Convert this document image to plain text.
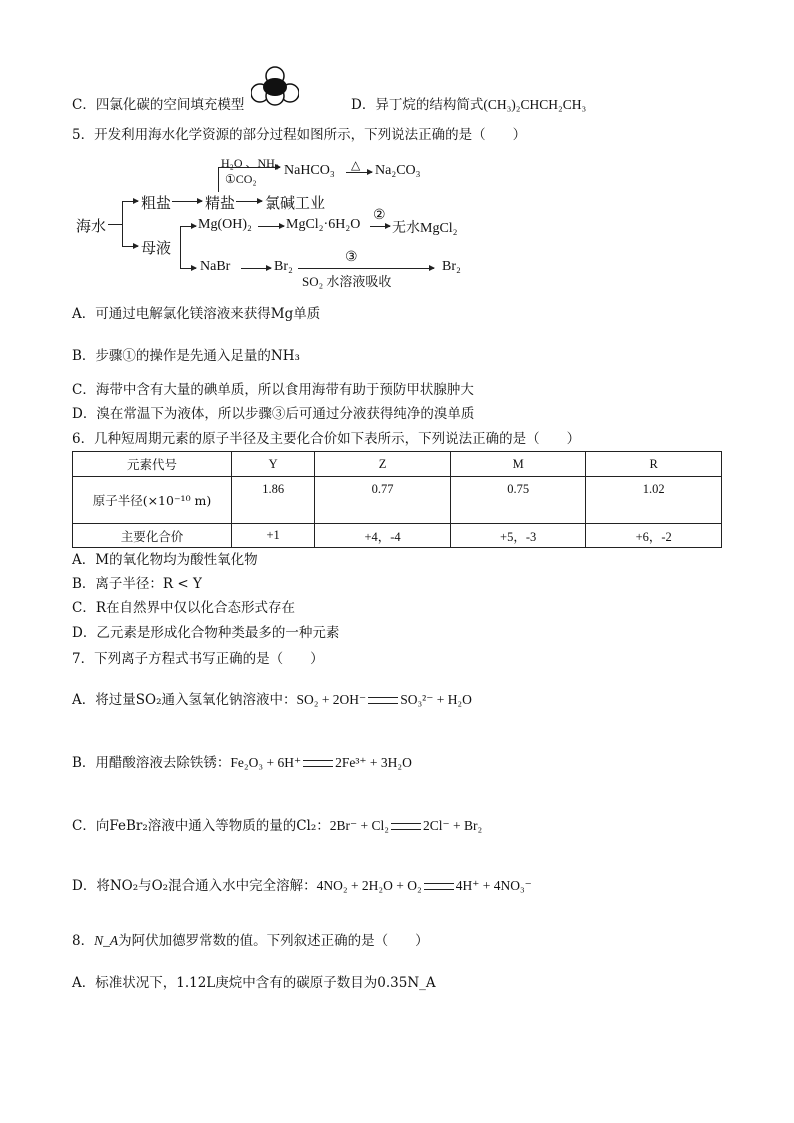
C．四氯化碳的空间填充模型	D．异丁烷的结构简式(CH₃)₂CHCH₂CH₃
5．开发利用海水化学资源的部分过程如图所示，下列说法正确的是（　　）
海水
粗盐 精盐
H₂O 、NH₃
①CO₂
NaHCO₃ △ Na₂CO₃
氯碱工业
母液
Mg(OH)₂ MgCl₂·6H₂O
②
无水MgCl₂
NaBr	Br₂
③
SO₂ 水溶液吸收
Br₂
A．可通过电解氯化镁溶液来获得Mg单质
B．步骤①的操作是先通入足量的NH₃
C．海带中含有大量的碘单质，所以食用海带有助于预防甲状腺肿大
D．溴在常温下为液体，所以步骤③后可通过分液获得纯净的溴单质
6．几种短周期元素的原子半径及主要化合价如下表所示，下列说法正确的是（　　）
元素代号	Y	Z	M	R
原子半径(×10⁻¹⁰ m)	1.86	0.77	0.75	1.02
主要化合价	+1	+4，-4	+5，-3	+6，-2
A．M的氧化物均为酸性氧化物
B．离子半径：R < Y
C．R在自然界中仅以化合态形式存在
D．乙元素是形成化合物种类最多的一种元素
7．下列离子方程式书写正确的是（　　）
A．将过量SO₂通入氢氧化钠溶液中：SO₂ + 2OH⁻	SO₃²⁻ + H₂O
B．用醋酸溶液去除铁锈：Fe₂O₃ + 6H⁺	2Fe³⁺ + 3H₂O
C．向FeBr₂溶液中通入等物质的量的Cl₂：2Br⁻ + Cl₂	2Cl⁻ + Br₂
D．将NO₂与O₂混合通入水中完全溶解：4NO₂ + 2H₂O + O₂	4H⁺ + 4NO₃⁻
8．N_A为阿伏加德罗常数的值。下列叙述正确的是（　　）
A．标准状况下，1.12L庚烷中含有的碳原子数目为0.35N_A
